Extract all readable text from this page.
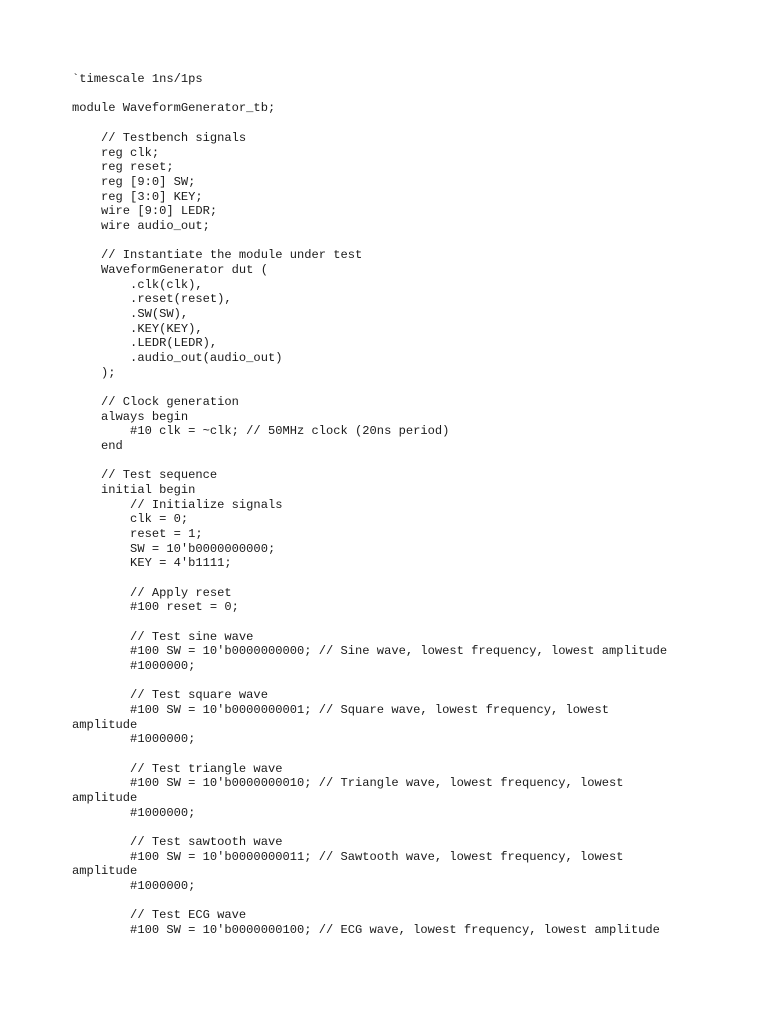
`timescale 1ns/1ps
module WaveformGenerator_tb;
// Testbench signals
reg clk;
reg reset;
reg [9:0] SW;
reg [3:0] KEY;
wire [9:0] LEDR;
wire audio_out;
// Instantiate the module under test
WaveformGenerator dut (
.clk(clk),
.reset(reset),
.SW(SW),
.KEY(KEY),
.LEDR(LEDR),
.audio_out(audio_out)
);
// Clock generation
always begin
#10 clk = ~clk; // 50MHz clock (20ns period)
end
// Test sequence
initial begin
// Initialize signals
clk = 0;
reset = 1;
SW = 10'b0000000000;
KEY = 4'b1111;
// Apply reset
#100 reset = 0;
// Test sine wave
#100 SW = 10'b0000000000; // Sine wave, lowest frequency, lowest amplitude
#1000000;
// Test square wave
#100 SW = 10'b0000000001; // Square wave, lowest frequency, lowest
amplitude
#1000000;
// Test triangle wave
#100 SW = 10'b0000000010; // Triangle wave, lowest frequency, lowest
amplitude
#1000000;
// Test sawtooth wave
#100 SW = 10'b0000000011; // Sawtooth wave, lowest frequency, lowest
amplitude
#1000000;
// Test ECG wave
#100 SW = 10'b0000000100; // ECG wave, lowest frequency, lowest amplitude
